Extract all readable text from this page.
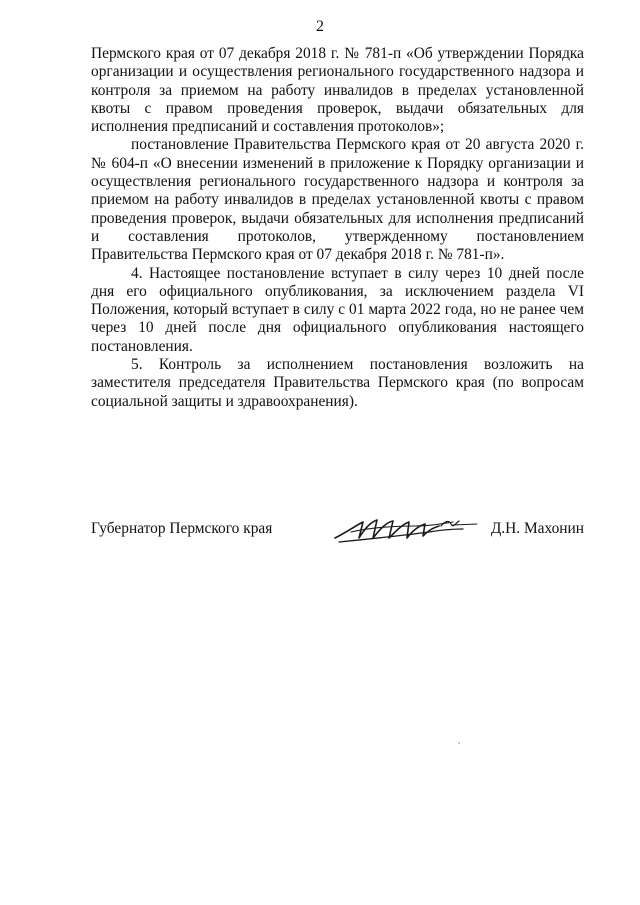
2

Пермского края от 07 декабря 2018 г. № 781-п «Об утверждении Порядка организации и осуществления регионального государственного надзора и контроля за приемом на работу инвалидов в пределах установленной квоты с правом проведения проверок, выдачи обязательных для исполнения предписаний и составления протоколов»;

постановление Правительства Пермского края от 20 августа 2020 г. № 604-п «О внесении изменений в приложение к Порядку организации и осуществления регионального государственного надзора и контроля за приемом на работу инвалидов в пределах установленной квоты с правом проведения проверок, выдачи обязательных для исполнения предписаний и составления протоколов, утвержденному постановлением Правительства Пермского края от 07 декабря 2018 г. № 781-п».

4. Настоящее постановление вступает в силу через 10 дней после дня его официального опубликования, за исключением раздела VI Положения, который вступает в силу с 01 марта 2022 года, но не ранее чем через 10 дней после дня официального опубликования настоящего постановления.

5. Контроль за исполнением постановления возложить на заместителя председателя Правительства Пермского края (по вопросам социальной защиты и здравоохранения).

Губернатор Пермского края	Д.Н. Махонин
